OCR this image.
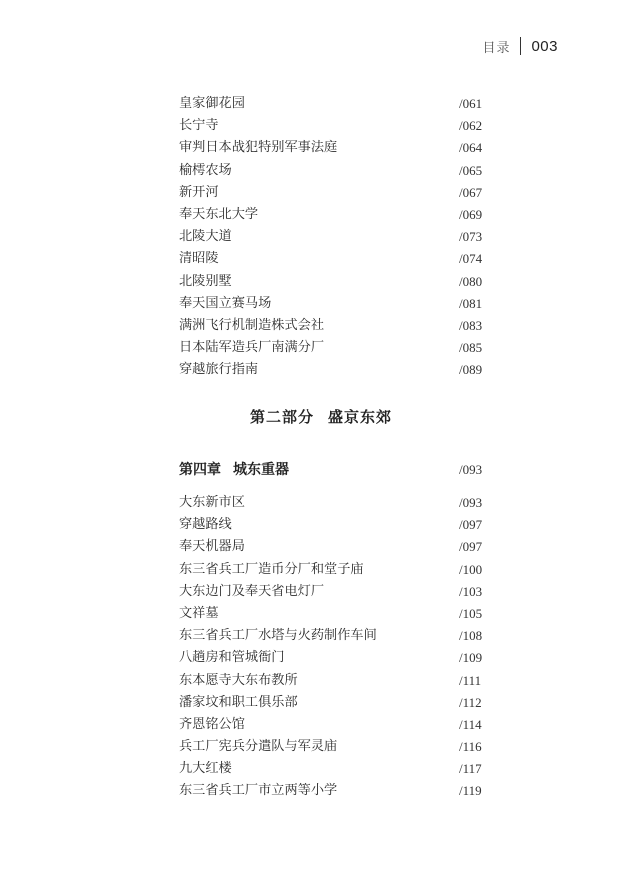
目录 003
皇家御花园	/061
长宁寺	/062
审判日本战犯特别军事法庭	/064
榆樗农场	/065
新开河	/067
奉天东北大学	/069
北陵大道	/073
清昭陵	/074
北陵别墅	/080
奉天国立赛马场	/081
满洲飞行机制造株式会社	/083
日本陆军造兵厂南满分厂	/085
穿越旅行指南	/089
第二部分 盛京东郊
第四章 城东重器	/093
大东新市区	/093
穿越路线	/097
奉天机器局	/097
东三省兵工厂造币分厂和堂子庙	/100
大东边门及奉天省电灯厂	/103
文祥墓	/105
东三省兵工厂水塔与火药制作车间	/108
八趟房和管城衙门	/109
东本愿寺大东布教所	/111
潘家坟和职工俱乐部	/112
齐恩铭公馆	/114
兵工厂宪兵分遣队与军灵庙	/116
九大红楼	/117
东三省兵工厂市立两等小学	/119
